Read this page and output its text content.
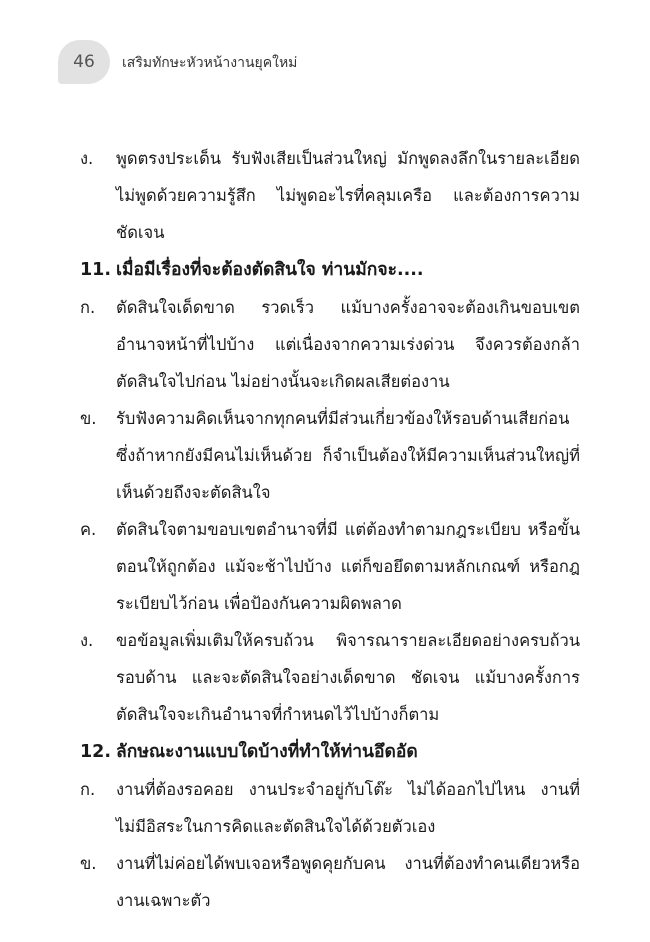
46 เสริมทักษะหัวหน้างานยุคใหม่
ง.	พูดตรงประเด็น รับฟังเสียเป็นส่วนใหญ่ มักพูดลงลึกในรายละเอียด ไม่พูดด้วยความรู้สึก ไม่พูดอะไรที่คลุมเครือ และต้องการความชัดเจน
11. เมื่อมีเรื่องที่จะต้องตัดสินใจ ท่านมักจะ....
ก.	ตัดสินใจเด็ดขาด รวดเร็ว แม้บางครั้งอาจจะต้องเกินขอบเขตอำนาจหน้าที่ไปบ้าง แต่เนื่องจากความเร่งด่วน จึงควรต้องกล้าตัดสินใจไปก่อน ไม่อย่างนั้นจะเกิดผลเสียต่องาน
ข.	รับฟังความคิดเห็นจากทุกคนที่มีส่วนเกี่ยวข้องให้รอบด้านเสียก่อน ซึ่งถ้าหากยังมีคนไม่เห็นด้วย ก็จำเป็นต้องให้มีความเห็นส่วนใหญ่ที่เห็นด้วยถึงจะตัดสินใจ
ค.	ตัดสินใจตามขอบเขตอำนาจที่มี แต่ต้องทำตามกฎระเบียบ หรือขั้นตอนให้ถูกต้อง แม้จะช้าไปบ้าง แต่ก็ขอยึดตามหลักเกณฑ์ หรือกฎระเบียบไว้ก่อน เพื่อป้องกันความผิดพลาด
ง.	ขอข้อมูลเพิ่มเติมให้ครบถ้วน พิจารณารายละเอียดอย่างครบถ้วนรอบด้าน และจะตัดสินใจอย่างเด็ดขาด ชัดเจน แม้บางครั้งการตัดสินใจจะเกินอำนาจที่กำหนดไว้ไปบ้างก็ตาม
12. ลักษณะงานแบบใดบ้างที่ทำให้ท่านอึดอัด
ก.	งานที่ต้องรอคอย งานประจำอยู่กับโต๊ะ ไม่ได้ออกไปไหน งานที่ไม่มีอิสระในการคิดและตัดสินใจได้ด้วยตัวเอง
ข.	งานที่ไม่ค่อยได้พบเจอหรือพูดคุยกับคน งานที่ต้องทำคนเดียวหรืองานเฉพาะตัว
